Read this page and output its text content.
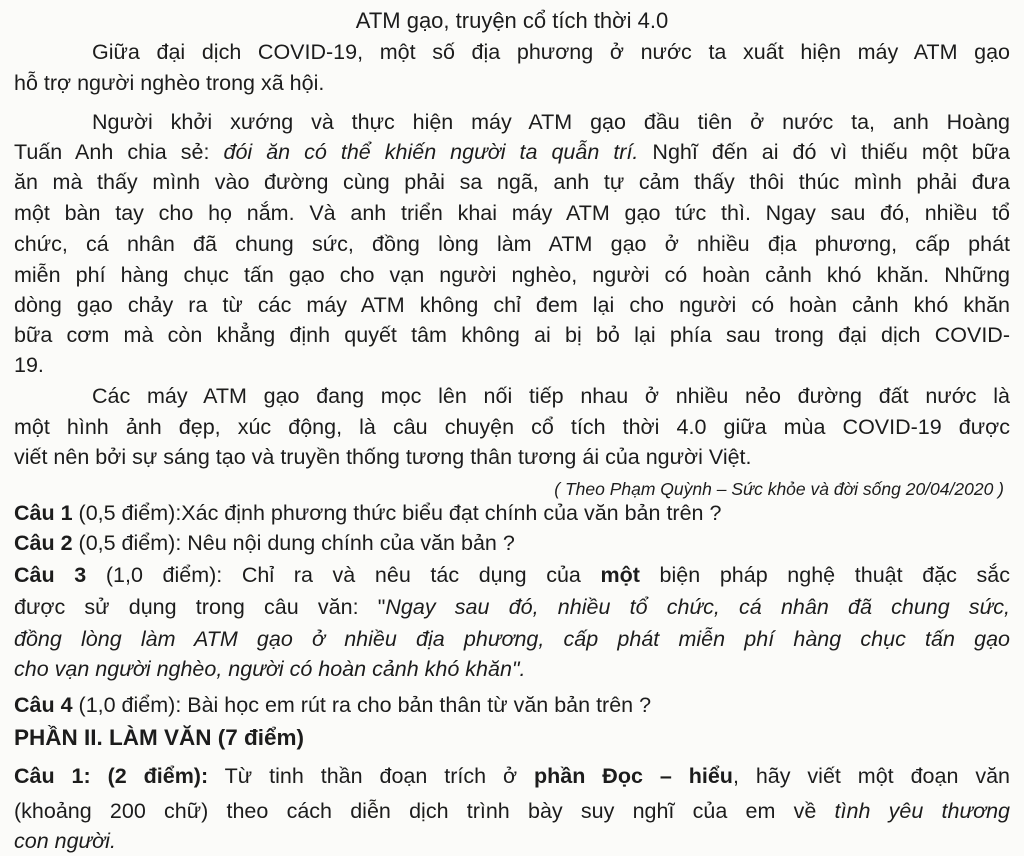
ATM gạo, truyện cổ tích thời 4.0
Giữa đại dịch COVID-19, một số địa phương ở nước ta xuất hiện máy ATM gạo
hỗ trợ người nghèo trong xã hội.
Người khởi xướng và thực hiện máy ATM gạo đầu tiên ở nước ta, anh Hoàng
Tuấn Anh chia sẻ: đói ăn có thể khiến người ta quẫn trí. Nghĩ đến ai đó vì thiếu một bữa
ăn mà thấy mình vào đường cùng phải sa ngã, anh tự cảm thấy thôi thúc mình phải đưa
một bàn tay cho họ nắm. Và anh triển khai máy ATM gạo tức thì. Ngay sau đó, nhiều tổ
chức, cá nhân đã chung sức, đồng lòng làm ATM gạo ở nhiều địa phương, cấp phát
miễn phí hàng chục tấn gạo cho vạn người nghèo, người có hoàn cảnh khó khăn. Những
dòng gạo chảy ra từ các máy ATM không chỉ đem lại cho người có hoàn cảnh khó khăn
bữa cơm mà còn khẳng định quyết tâm không ai bị bỏ lại phía sau trong đại dịch COVID-
19.
Các máy ATM gạo đang mọc lên nối tiếp nhau ở nhiều nẻo đường đất nước là
một hình ảnh đẹp, xúc động, là câu chuyện cổ tích thời 4.0 giữa mùa COVID-19 được
viết nên bởi sự sáng tạo và truyền thống tương thân tương ái của người Việt.
( Theo Phạm Quỳnh – Sức khỏe và đời sống 20/04/2020 )
Câu 1 (0,5 điểm):Xác định phương thức biểu đạt chính của văn bản trên ?
Câu 2 (0,5 điểm): Nêu nội dung chính của văn bản ?
Câu 3 (1,0 điểm): Chỉ ra và nêu tác dụng của một biện pháp nghệ thuật đặc sắc
được sử dụng trong câu văn: "Ngay sau đó, nhiều tổ chức, cá nhân đã chung sức,
đồng lòng làm ATM gạo ở nhiều địa phương, cấp phát miễn phí hàng chục tấn gạo
cho vạn người nghèo, người có hoàn cảnh khó khăn".
Câu 4 (1,0 điểm): Bài học em rút ra cho bản thân từ văn bản trên ?
PHẦN II. LÀM VĂN (7 điểm)
Câu 1: (2 điểm): Từ tinh thần đoạn trích ở phần Đọc – hiểu, hãy viết một đoạn văn
(khoảng 200 chữ) theo cách diễn dịch trình bày suy nghĩ của em về tình yêu thương
con người.
